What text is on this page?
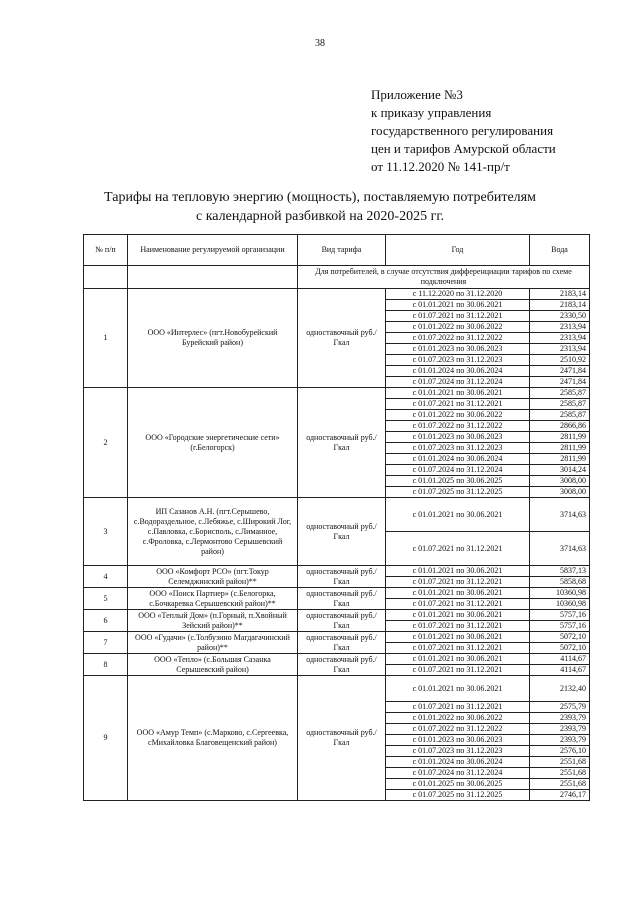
38
Приложение №3
к приказу управления
государственного регулирования
цен и тарифов Амурской области
от 11.12.2020 № 141-пр/т
Тарифы на тепловую энергию (мощность), поставляемую потребителям
с календарной разбивкой на 2020-2025 гг.
№ п/п	Наименование регулируемой организации	Вид тарифа	Год	Вода
		Для потребителей, в случае отсутствия дифференциации тарифов по схеме подключения		
1	ООО «Интерлес» (пгт.Новобурейский Бурейский район)	одноставочный руб./Гкал	с 11.12.2020 по 31.12.2020	2183,14
			с 01.01.2021 по 30.06.2021	2183,14
			с 01.07.2021 по 31.12.2021	2330,50
			с 01.01.2022 по 30.06.2022	2313,94
			с 01.07.2022 по 31.12.2022	2313,94
			с 01.01.2023 по 30.06.2023	2313,94
			с 01.07.2023 по 31.12.2023	2510,92
			с 01.01.2024 по 30.06.2024	2471,84
			с 01.07.2024 по 31.12.2024	2471,84
2	ООО «Городские энергетические сети» (г.Белогорск)	одноставочный руб./Гкал	с 01.01.2021 по 30.06.2021	2585,87
			с 01.07.2021 по 31.12.2021	2585,87
			с 01.01.2022 по 30.06.2022	2585,87
			с 01.07.2022 по 31.12.2022	2866,86
			с 01.01.2023 по 30.06.2023	2811,99
			с 01.07.2023 по 31.12.2023	2811,99
			с 01.01.2024 по 30.06.2024	2811,99
			с 01.07.2024 по 31.12.2024	3014,24
			с 01.01.2025 по 30.06.2025	3008,00
			с 01.07.2025 по 31.12.2025	3008,00
3	ИП Сазанов А.Н. (пгт.Серышево, с.Водораздельное, с.Лебяжье, с.Широкий Лог, с.Павловка, с.Борисполь, с.Лиманное, с.Фроловка, с.Лермонтово Серышевский район)	одноставочный руб./Гкал	с 01.01.2021 по 30.06.2021	3714,63
			с 01.07.2021 по 31.12.2021	3714,63
4	ООО «Комфорт РСО» (пгт.Токур Селемджинский район)**	одноставочный руб./Гкал	с 01.01.2021 по 30.06.2021	5837,13
			с 01.07.2021 по 31.12.2021	5858,68
5	ООО «Поиск Партнер» (с.Белогорка, с.Бочкаревка Серышевский район)**	одноставочный руб./Гкал	с 01.01.2021 по 30.06.2021	10360,98
			с 01.07.2021 по 31.12.2021	10360,98
6	ООО «Теплый Дом» (п.Горный, п.Хвойный Зейский район)**	одноставочный руб./Гкал	с 01.01.2021 по 30.06.2021	5757,16
			с 01.07.2021 по 31.12.2021	5757,16
7	ООО «Гудачи» (с.Толбузино Магдагачинский район)**	одноставочный руб./Гкал	с 01.01.2021 по 30.06.2021	5072,10
			с 01.07.2021 по 31.12.2021	5072,10
8	ООО «Тепло» (с.Большая Сазанка Серышевский район)	одноставочный руб./Гкал	с 01.01.2021 по 30.06.2021	4114,67
			с 01.07.2021 по 31.12.2021	4114,67
9	ООО «Амур Темп» (с.Марково, с.Сергеевка, сМихайловка Благовещенский район)	одноставочный руб./Гкал	с 01.01.2021 по 30.06.2021	2132,40
			с 01.07.2021 по 31.12.2021	2575,79
			с 01.01.2022 по 30.06.2022	2393,79
			с 01.07.2022 по 31.12.2022	2393,79
			с 01.01.2023 по 30.06.2023	2393,79
			с 01.07.2023 по 31.12.2023	2576,10
			с 01.01.2024 по 30.06.2024	2551,68
			с 01.07.2024 по 31.12.2024	2551,68
			с 01.01.2025 по 30.06.2025	2551,68
			с 01.07.2025 по 31.12.2025	2746,17
